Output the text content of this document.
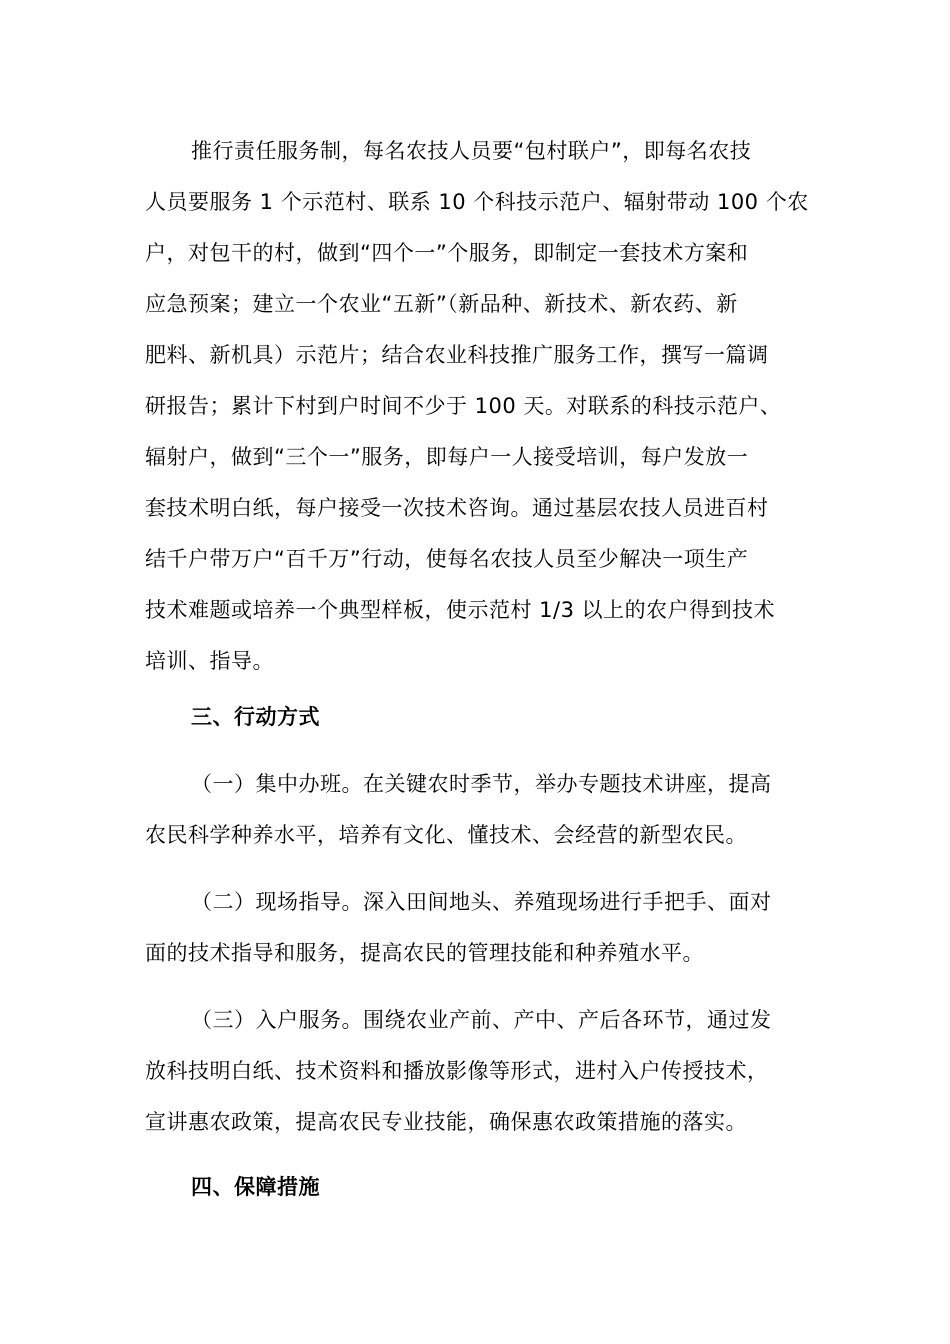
推行责任服务制，每名农技人员要“包村联户”，即每名农技
人员要服务 1 个示范村、联系 10 个科技示范户、辐射带动 100 个农
户，对包干的村，做到“四个一”个服务，即制定一套技术方案和
应急预案；建立一个农业“五新”（新品种、新技术、新农药、新
肥料、新机具）示范片；结合农业科技推广服务工作，撰写一篇调
研报告；累计下村到户时间不少于 100 天。对联系的科技示范户、
辐射户，做到“三个一”服务，即每户一人接受培训，每户发放一
套技术明白纸，每户接受一次技术咨询。通过基层农技人员进百村
结千户带万户“百千万”行动，使每名农技人员至少解决一项生产
技术难题或培养一个典型样板，使示范村 1/3 以上的农户得到技术
培训、指导。
三、行动方式
（一）集中办班。在关键农时季节，举办专题技术讲座，提高
农民科学种养水平，培养有文化、懂技术、会经营的新型农民。
（二）现场指导。深入田间地头、养殖现场进行手把手、面对
面的技术指导和服务，提高农民的管理技能和种养殖水平。
（三）入户服务。围绕农业产前、产中、产后各环节，通过发
放科技明白纸、技术资料和播放影像等形式，进村入户传授技术，
宣讲惠农政策，提高农民专业技能，确保惠农政策措施的落实。
四、保障措施
